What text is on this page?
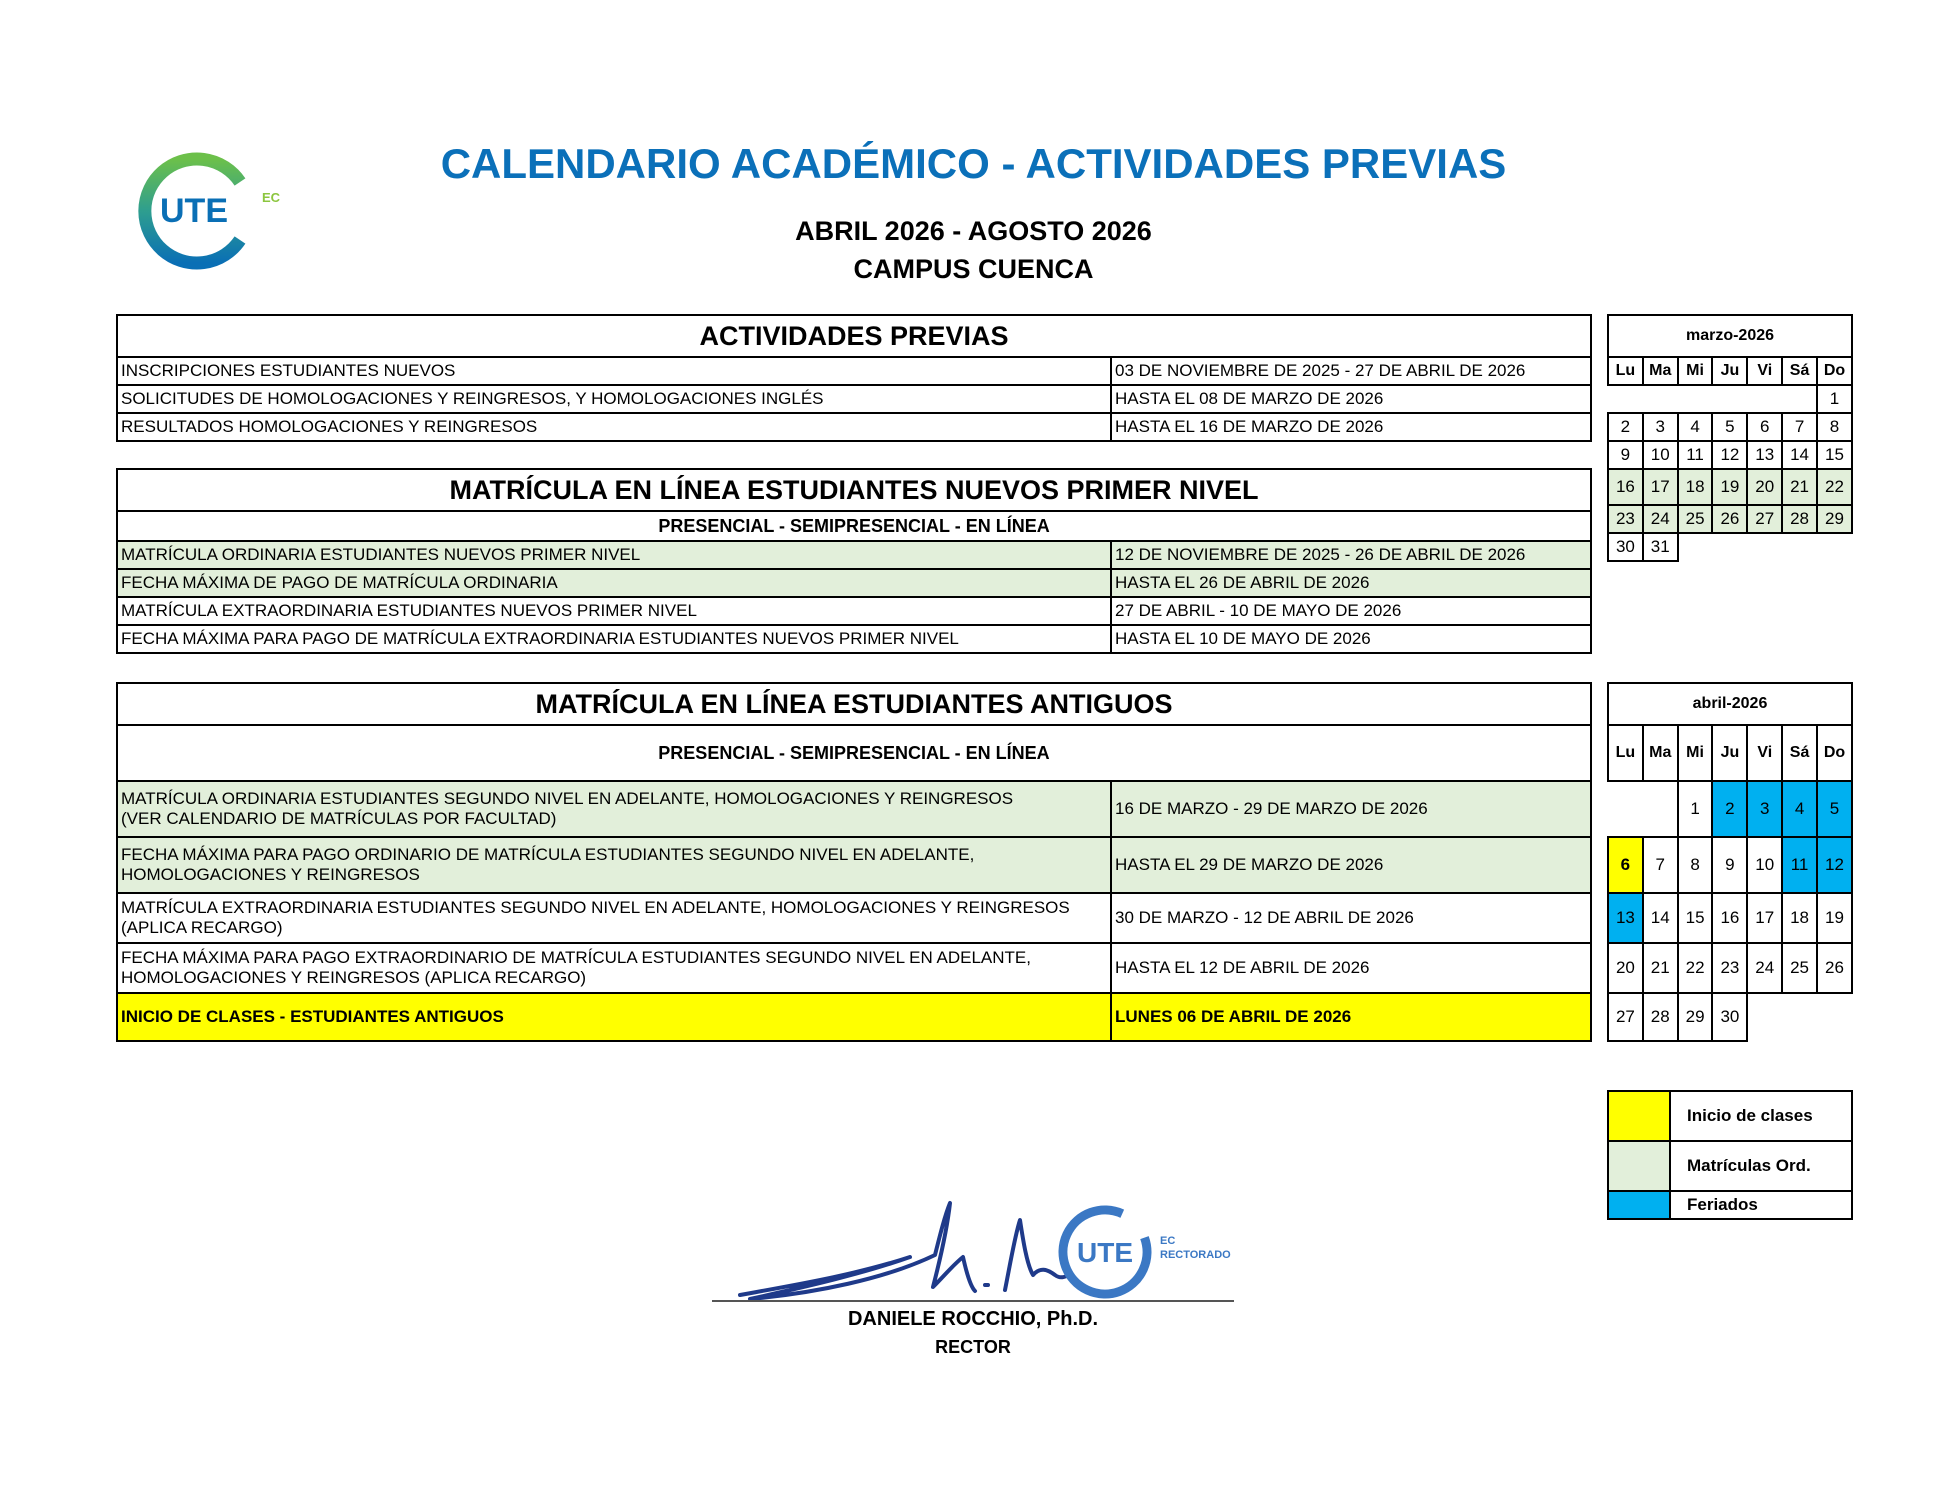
UTE	EC
CALENDARIO ACADÉMICO - ACTIVIDADES PREVIAS
ABRIL 2026 - AGOSTO 2026
CAMPUS CUENCA
ACTIVIDADES PREVIAS	
INSCRIPCIONES ESTUDIANTES NUEVOS	03 DE NOVIEMBRE DE 2025 - 27 DE ABRIL DE 2026
SOLICITUDES DE HOMOLOGACIONES Y REINGRESOS, Y HOMOLOGACIONES INGLÉS	HASTA EL 08 DE MARZO DE 2026
RESULTADOS HOMOLOGACIONES Y REINGRESOS	HASTA EL 16 DE MARZO DE 2026
MATRÍCULA EN LÍNEA ESTUDIANTES NUEVOS PRIMER NIVEL	
PRESENCIAL - SEMIPRESENCIAL - EN LÍNEA	
MATRÍCULA ORDINARIA ESTUDIANTES NUEVOS PRIMER NIVEL	12 DE NOVIEMBRE DE 2025 - 26 DE ABRIL DE 2026
FECHA MÁXIMA DE PAGO DE MATRÍCULA ORDINARIA	HASTA EL 26 DE ABRIL DE 2026
MATRÍCULA EXTRAORDINARIA ESTUDIANTES NUEVOS PRIMER NIVEL	27 DE ABRIL - 10 DE MAYO DE 2026
FECHA MÁXIMA PARA PAGO DE MATRÍCULA EXTRAORDINARIA ESTUDIANTES NUEVOS PRIMER NIVEL	HASTA EL 10 DE MAYO DE 2026
MATRÍCULA EN LÍNEA ESTUDIANTES ANTIGUOS	
PRESENCIAL - SEMIPRESENCIAL - EN LÍNEA	

MATRÍCULA ORDINARIA ESTUDIANTES SEGUNDO NIVEL EN ADELANTE, HOMOLOGACIONES Y REINGRESOS
(VER CALENDARIO DE MATRÍCULAS POR FACULTAD)	16 DE MARZO - 29 DE MARZO DE 2026

FECHA MÁXIMA PARA PAGO ORDINARIO DE MATRÍCULA ESTUDIANTES SEGUNDO NIVEL EN ADELANTE,
HOMOLOGACIONES Y REINGRESOS	HASTA EL 29 DE MARZO DE 2026

MATRÍCULA EXTRAORDINARIA ESTUDIANTES SEGUNDO NIVEL EN ADELANTE, HOMOLOGACIONES Y REINGRESOS
(APLICA RECARGO)	30 DE MARZO - 12 DE ABRIL DE 2026

FECHA MÁXIMA PARA PAGO EXTRAORDINARIO DE MATRÍCULA ESTUDIANTES SEGUNDO NIVEL EN ADELANTE,
HOMOLOGACIONES Y REINGRESOS (APLICA RECARGO)	HASTA EL 12 DE ABRIL DE 2026
INICIO DE CLASES - ESTUDIANTES ANTIGUOS	LUNES 06 DE ABRIL DE 2026
marzo-2026						
Lu	Ma	Mi	Ju	Vi	Sá	Do
						1
2	3	4	5	6	7	8
9	10	11	12	13	14	15
16	17	18	19	20	21	22
23	24	25	26	27	28	29
30	31					
abril-2026						
Lu	Ma	Mi	Ju	Vi	Sá	Do
		1	2	3	4	5
6	7	8	9	10	11	12
13	14	15	16	17	18	19
20	21	22	23	24	25	26
27	28	29	30			
	Inicio de clases
	Matrículas Ord.
	Feriados
UTE EC
RECTORADO
DANIELE ROCCHIO, Ph.D.
RECTOR
